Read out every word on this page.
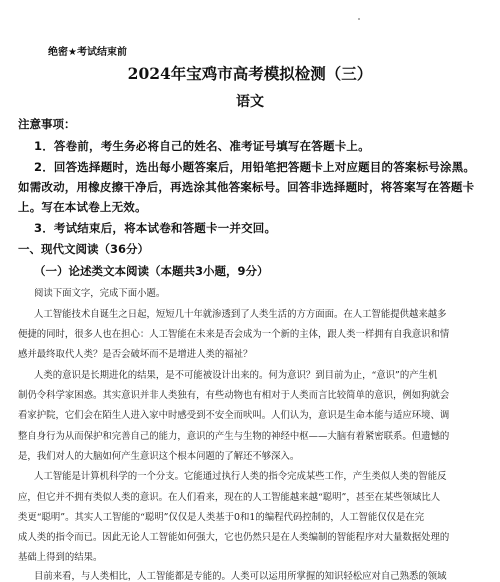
绝密★考试结束前
2024年宝鸡市高考模拟检测（三）
语文
注意事项：
1．答卷前，考生务必将自己的姓名、准考证号填写在答题卡上。
2．回答选择题时，选出每小题答案后，用铅笔把答题卡上对应题目的答案标号涂黑。
如需改动，用橡皮擦干净后，再选涂其他答案标号。回答非选择题时，将答案写在答题卡
上。写在本试卷上无效。
3．考试结束后，将本试卷和答题卡一并交回。
一、现代文阅读（36分）
（一）论述类文本阅读（本题共3小题，9分）
阅读下面文字，完成下面小题。
人工智能技术自诞生之日起，短短几十年就渗透到了人类生活的方方面面。在人工智能提供越来越多
便捷的同时，很多人也在担心：人工智能在未来是否会成为一个新的主体，跟人类一样拥有自我意识和情
感并最终取代人类？是否会破坏而不是增进人类的福祉？
人类的意识是长期进化的结果，是不可能被设计出来的。何为意识？到目前为止，“意识”的产生机
制仍令科学家困惑。其实意识并非人类独有，有些动物也有相对于人类而言比较简单的意识，例如狗就会
看家护院，它们会在陌生人进入家中时感受到不安全而吠叫。人们认为，意识是生命本能与适应环境、调
整自身行为从而保护和完善自己的能力，意识的产生与生物的神经中枢——大脑有着紧密联系。但遗憾的
是，我们对人的大脑如何产生意识这个根本问题的了解还不够深入。
人工智能是计算机科学的一个分支。它能通过执行人类的指令完成某些工作，产生类似人类的智能反
应，但它并不拥有类似人类的意识。在人们看来，现在的人工智能越来越“聪明”，甚至在某些领域比人
类更“聪明”。其实人工智能的“聪明”仅仅是人类基于0和1的编程代码控制的，人工智能仅仅是在完
成人类的指令而已。因此无论人工智能如何强大，它也仍然只是在人类编制的智能程序对大量数据处理的
基础上得到的结果。
目前来看，与人类相比，人工智能都是专能的。人类可以运用所掌握的知识轻松应对自己熟悉的领域
